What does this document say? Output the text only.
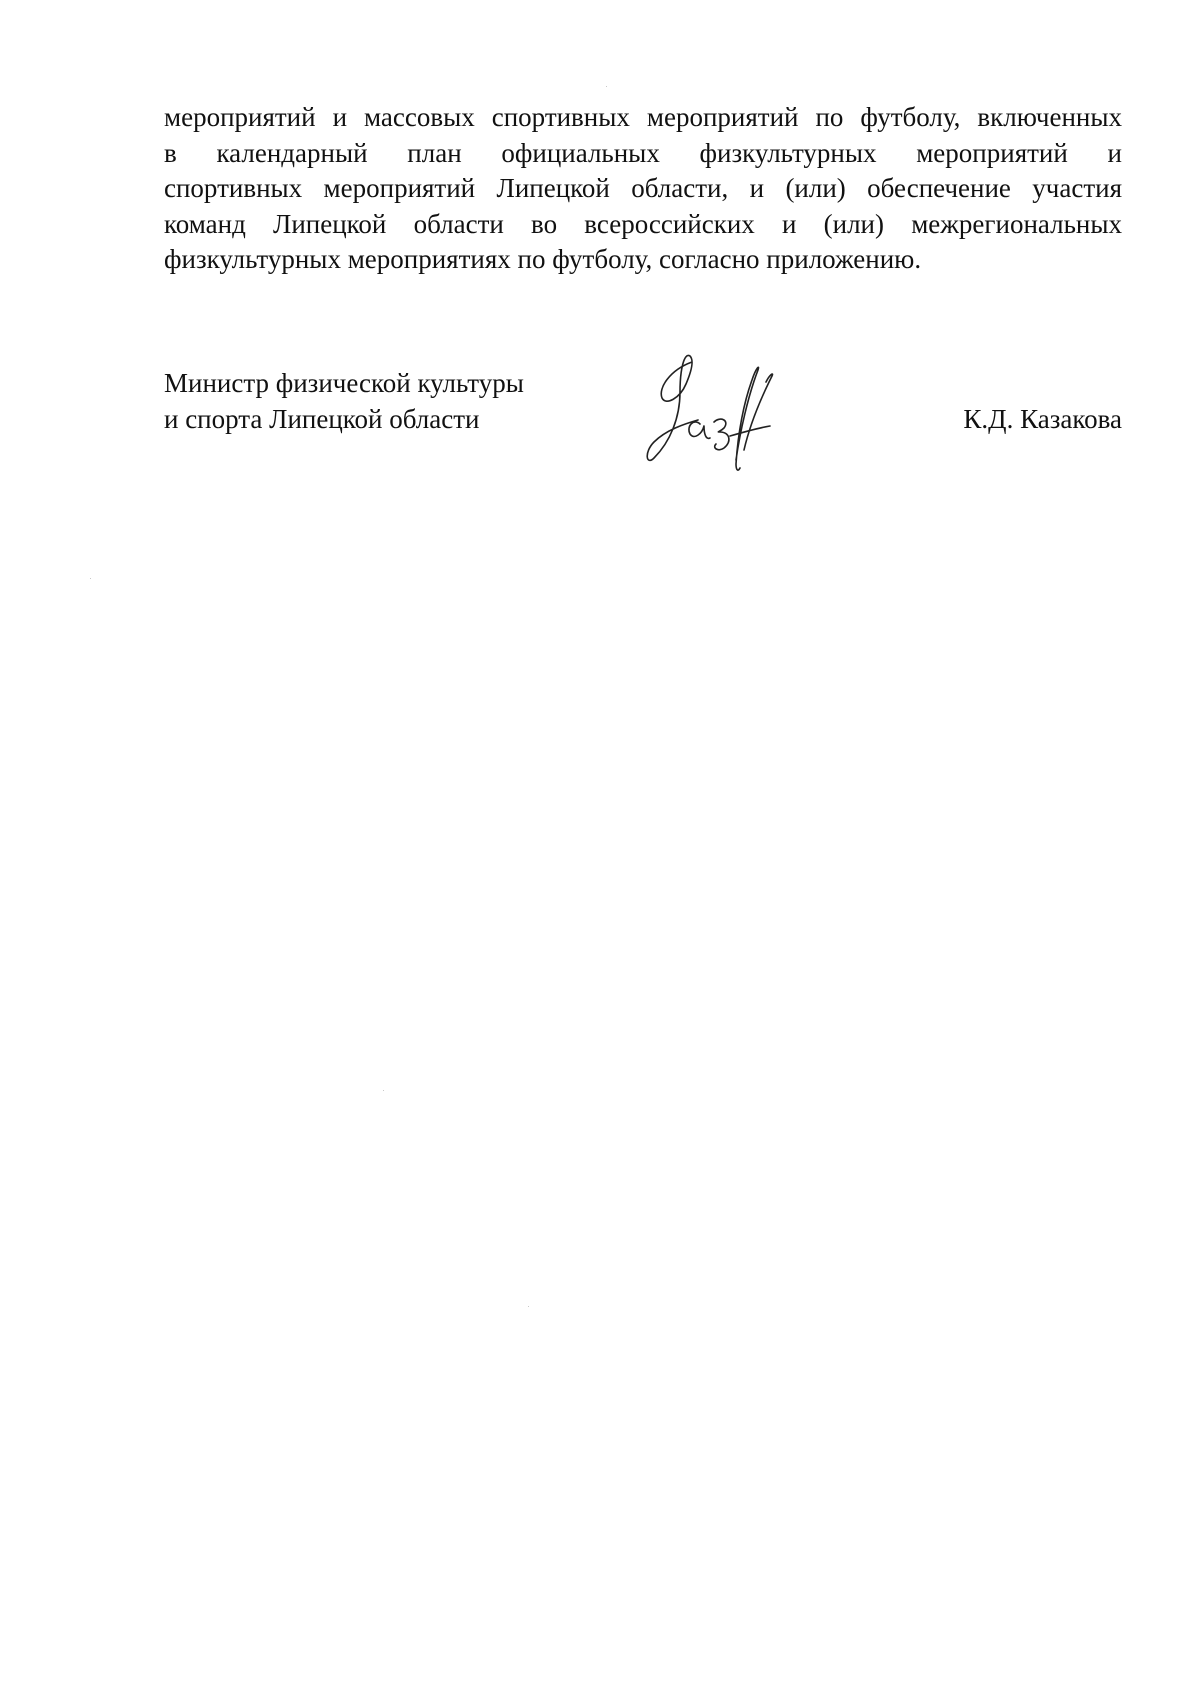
мероприятий и массовых спортивных мероприятий по футболу, включенных
в календарный план официальных физкультурных мероприятий и
спортивных мероприятий Липецкой области, и (или) обеспечение участия
команд Липецкой области во всероссийских и (или) межрегиональных
физкультурных мероприятиях по футболу, согласно приложению.

Министр физической культуры
и спорта Липецкой области	К.Д. Казакова
